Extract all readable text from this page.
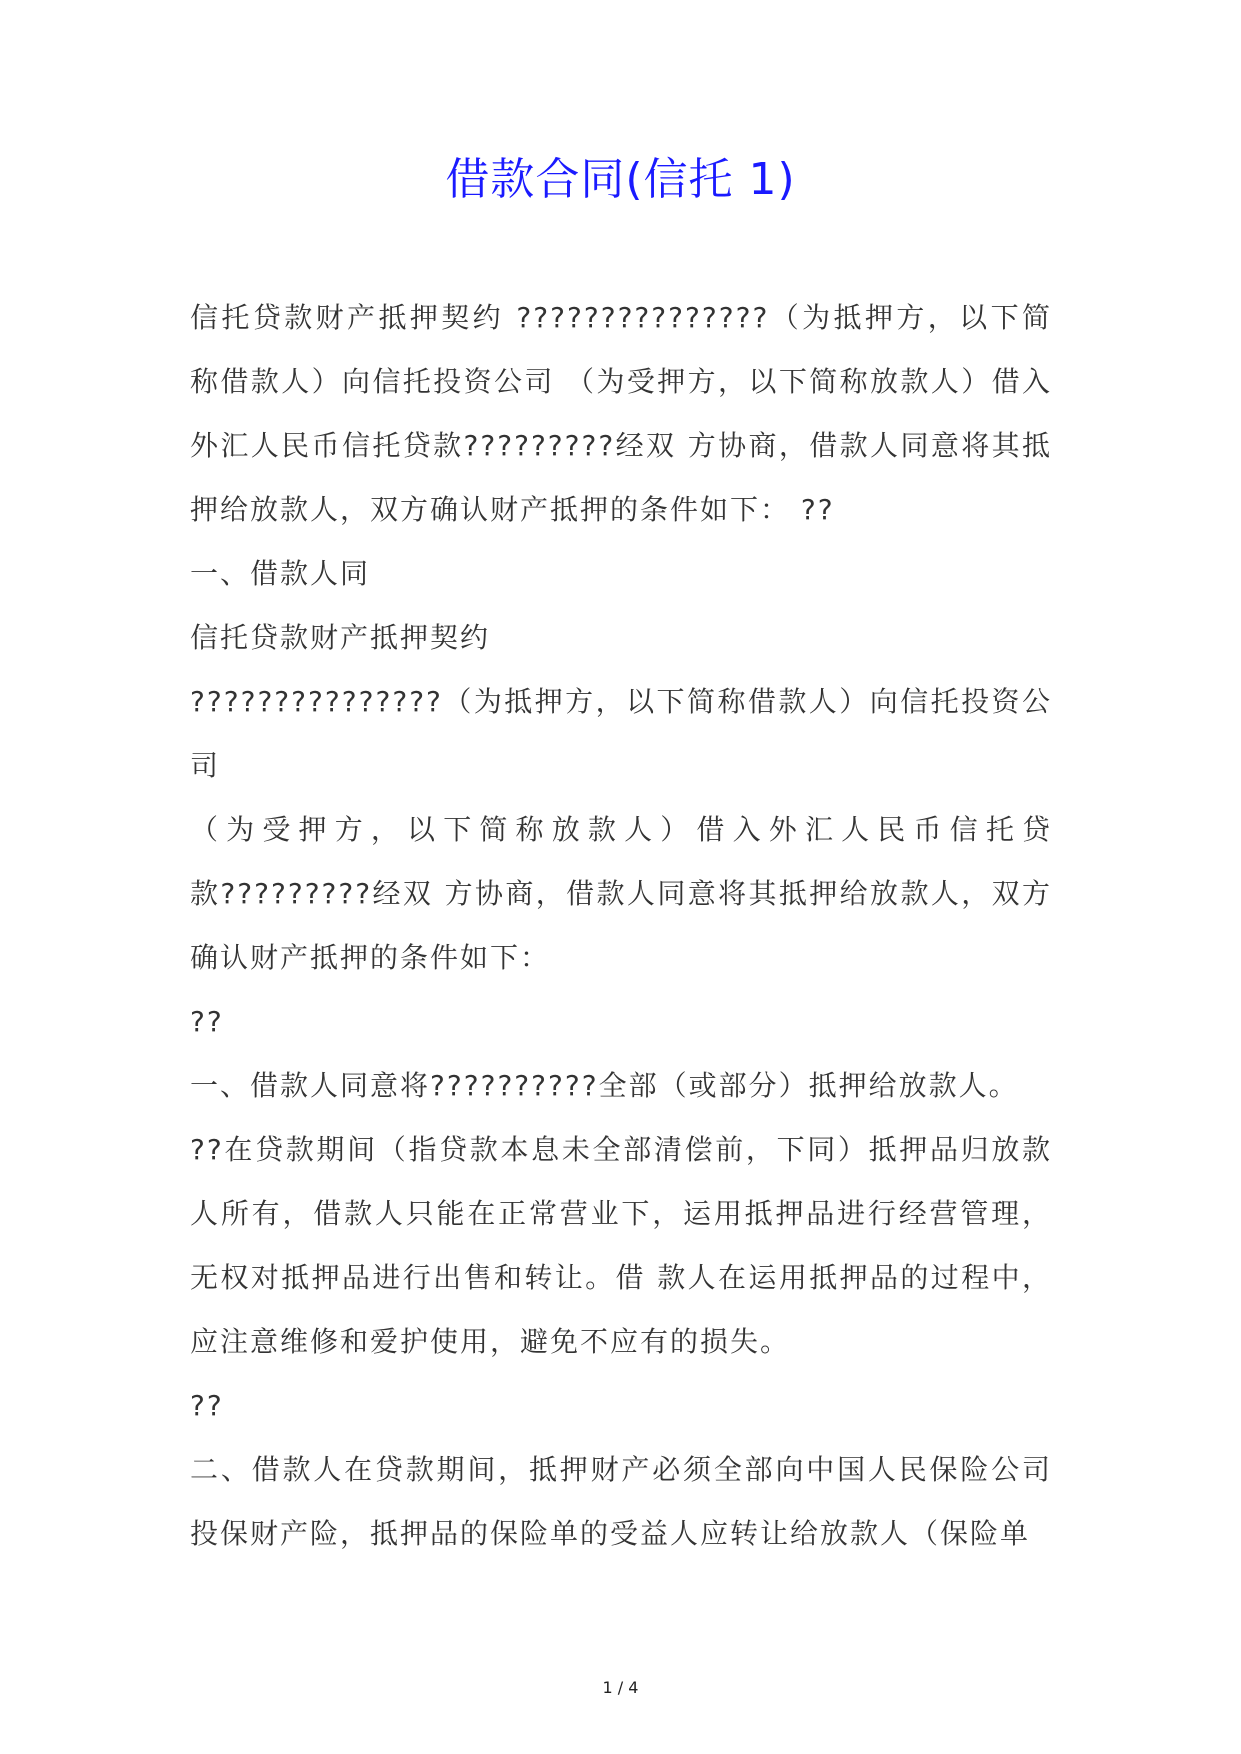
借款合同(信托 1)

信托贷款财产抵押契约 ???????????????（为抵押方，以下简称借款人）向信托投资公司 （为受押方，以下简称放款人）借入外汇人民币信托贷款?????????经双 方协商，借款人同意将其抵押给放款人，双方确认财产抵押的条件如下： ??

一、借款人同

信托贷款财产抵押契约

???????????????（为抵押方，以下简称借款人）向信托投资公司

（为受押方，以下简称放款人）借入外汇人民币信托贷款?????????经双 方协商，借款人同意将其抵押给放款人，双方确认财产抵押的条件如下：

??

一、借款人同意将??????????全部（或部分）抵押给放款人。

??在贷款期间（指贷款本息未全部清偿前，下同）抵押品归放款人所有，借款人只能在正常营业下，运用抵押品进行经营管理，无权对抵押品进行出售和转让。借 款人在运用抵押品的过程中，应注意维修和爱护使用，避免不应有的损失。

??

二、借款人在贷款期间，抵押财产必须全部向中国人民保险公司投保财产险，抵押品的保险单的受益人应转让给放款人（保险单

1 / 4
